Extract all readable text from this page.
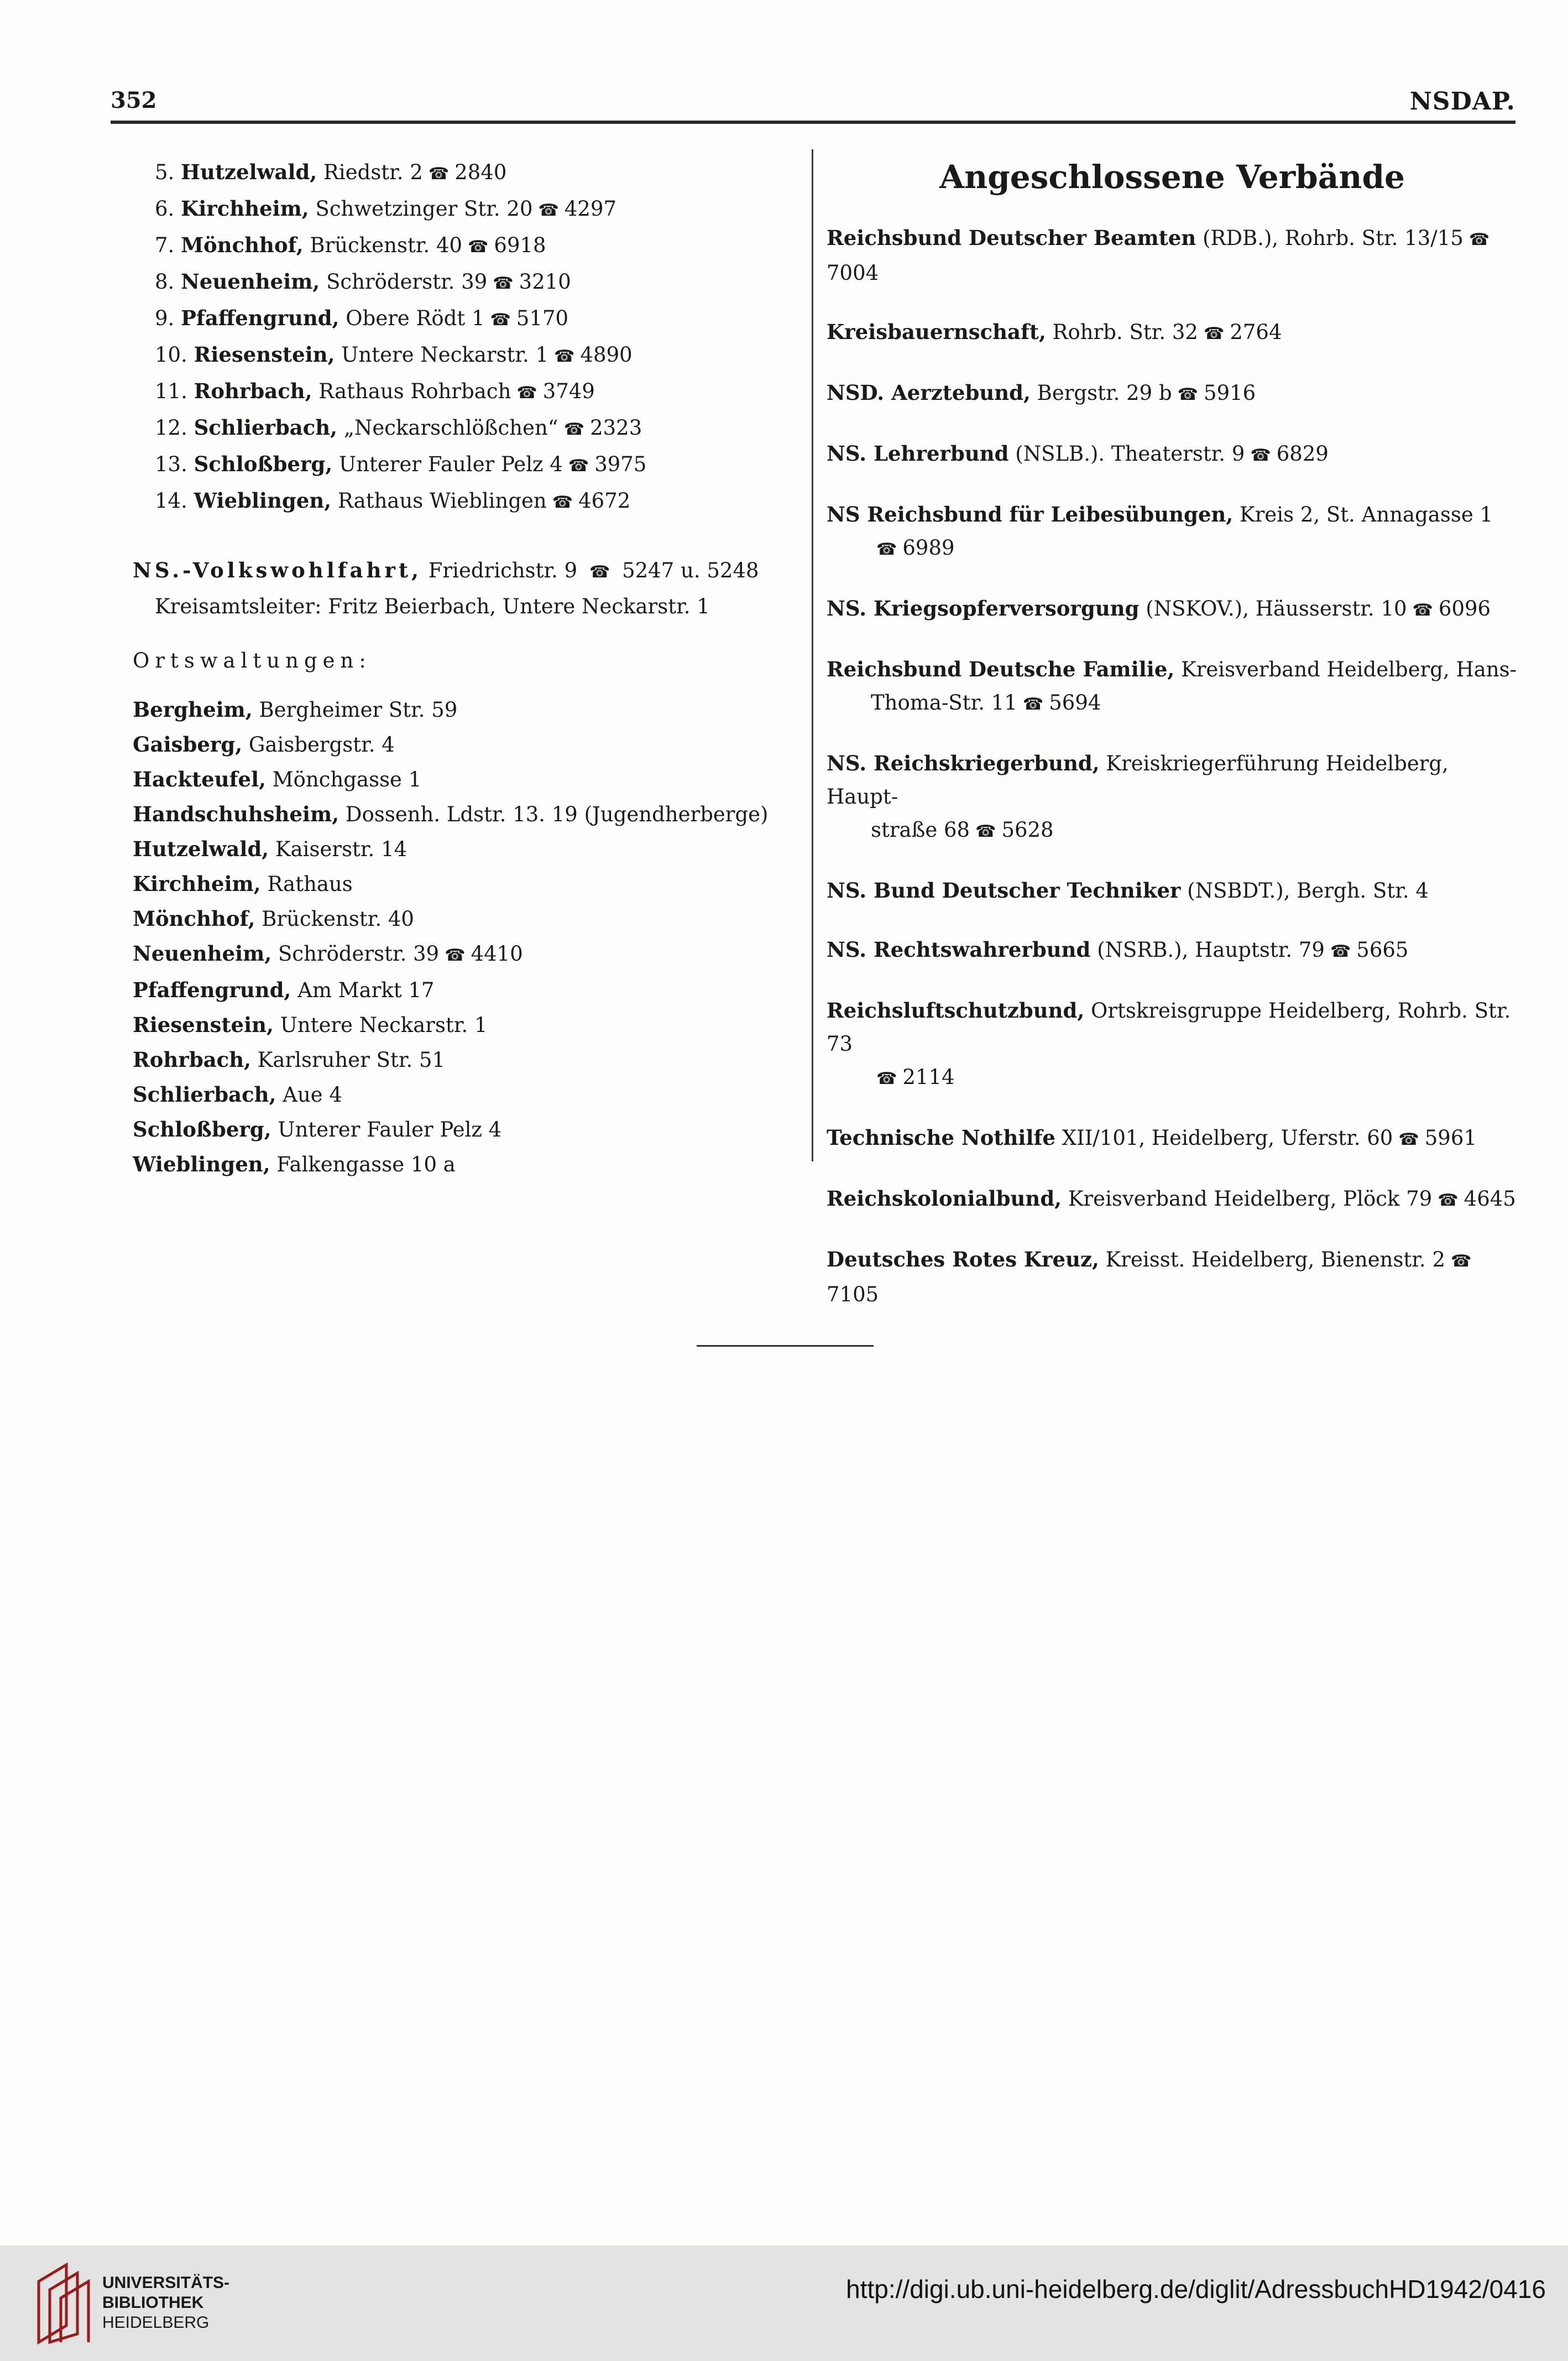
352	NSDAP.
5. Hutzelwald, Riedstr. 2 ☎ 2840
6. Kirchheim, Schwetzinger Str. 20 ☎ 4297
7. Mönchhof, Brückenstr. 40 ☎ 6918
8. Neuenheim, Schröderstr. 39 ☎ 3210
9. Pfaffengrund, Obere Rödt 1 ☎ 5170
10. Riesenstein, Untere Neckarstr. 1 ☎ 4890
11. Rohrbach, Rathaus Rohrbach ☎ 3749
12. Schlierbach, „Neckarschlößchen“ ☎ 2323
13. Schloßberg, Unterer Fauler Pelz 4 ☎ 3975
14. Wieblingen, Rathaus Wieblingen ☎ 4672
NS.-Volkswohlfahrt, Friedrichstr. 9 ☎ 5247 u. 5248
Kreisamtsleiter: Fritz Beierbach, Untere Neckarstr. 1
Ortswaltungen:
Bergheim, Bergheimer Str. 59
Gaisberg, Gaisbergstr. 4
Hackteufel, Mönchgasse 1
Handschuhsheim, Dossenh. Ldstr. 13. 19 (Jugendherberge)
Hutzelwald, Kaiserstr. 14
Kirchheim, Rathaus
Mönchhof, Brückenstr. 40
Neuenheim, Schröderstr. 39 ☎ 4410
Pfaffengrund, Am Markt 17
Riesenstein, Untere Neckarstr. 1
Rohrbach, Karlsruher Str. 51
Schlierbach, Aue 4
Schloßberg, Unterer Fauler Pelz 4
Wieblingen, Falkengasse 10 a
Angeschlossene Verbände
Reichsbund Deutscher Beamten (RDB.), Rohrb. Str. 13/15 ☎7004
Kreisbauernschaft, Rohrb. Str. 32 ☎ 2764
NSD. Aerztebund, Bergstr. 29 b ☎ 5916
NS. Lehrerbund (NSLB.). Theaterstr. 9 ☎ 6829
NS Reichsbund für Leibesübungen, Kreis 2, St. Annagasse 1
☎ 6989
NS. Kriegsopferversorgung (NSKOV.), Häusserstr. 10 ☎ 6096
Reichsbund Deutsche Familie, Kreisverband Heidelberg, Hans-
Thoma-Str. 11 ☎ 5694
NS. Reichskriegerbund, Kreiskriegerführung Heidelberg, Haupt-
straße 68 ☎ 5628
NS. Bund Deutscher Techniker (NSBDT.), Bergh. Str. 4
NS. Rechtswahrerbund (NSRB.), Hauptstr. 79 ☎ 5665
Reichsluftschutzbund, Ortskreisgruppe Heidelberg, Rohrb. Str. 73
☎ 2114
Technische Nothilfe XII/101, Heidelberg, Uferstr. 60 ☎ 5961
Reichskolonialbund, Kreisverband Heidelberg, Plöck 79 ☎ 4645
Deutsches Rotes Kreuz, Kreisst. Heidelberg, Bienenstr. 2 ☎7105
UNIVERSITÄTS-
BIBLIOTHEK
HEIDELBERG
http://digi.ub.uni-heidelberg.de/diglit/AdressbuchHD1942/0416
